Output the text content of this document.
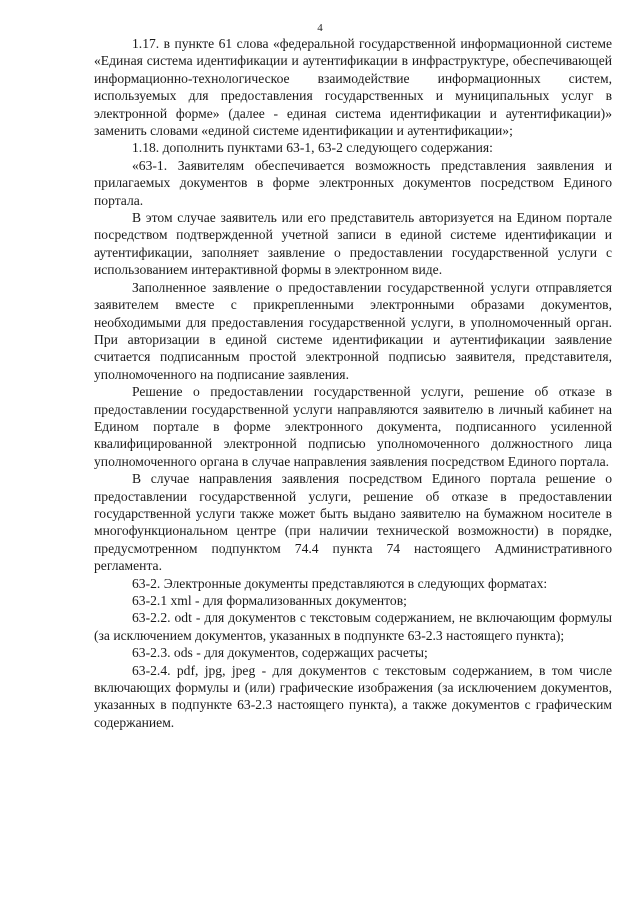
4

1.17. в пункте 61 слова «федеральной государственной информационной системе «Единая система идентификации и аутентификации в инфраструктуре, обеспечивающей информационно-технологическое взаимодействие информационных систем, используемых для предоставления государственных и муниципальных услуг в электронной форме» (далее - единая система идентификации и аутентификации)» заменить словами «единой системе идентификации и аутентификации»;

1.18. дополнить пунктами 63-1, 63-2 следующего содержания:

«63-1. Заявителям обеспечивается возможность представления заявления и прилагаемых документов в форме электронных документов посредством Единого портала.

В этом случае заявитель или его представитель авторизуется на Едином портале посредством подтвержденной учетной записи в единой системе идентификации и аутентификации, заполняет заявление о предоставлении государственной услуги с использованием интерактивной формы в электронном виде.

Заполненное заявление о предоставлении государственной услуги отправляется заявителем вместе с прикрепленными электронными образами документов, необходимыми для предоставления государственной услуги, в уполномоченный орган. При авторизации в единой системе идентификации и аутентификации заявление считается подписанным простой электронной подписью заявителя, представителя, уполномоченного на подписание заявления.

Решение о предоставлении государственной услуги, решение об отказе в предоставлении государственной услуги направляются заявителю в личный кабинет на Едином портале в форме электронного документа, подписанного усиленной квалифицированной электронной подписью уполномоченного должностного лица уполномоченного органа в случае направления заявления посредством Единого портала.

В случае направления заявления посредством Единого портала решение о предоставлении государственной услуги, решение об отказе в предоставлении государственной услуги также может быть выдано заявителю на бумажном носителе в многофункциональном центре (при наличии технической возможности) в порядке, предусмотренном подпунктом 74.4 пункта 74 настоящего Административного регламента.

63-2. Электронные документы представляются в следующих форматах:

63-2.1 xml - для формализованных документов;

63-2.2. odt - для документов с текстовым содержанием, не включающим формулы (за исключением документов, указанных в подпункте 63-2.3 настоящего пункта);

63-2.3. ods - для документов, содержащих расчеты;

63-2.4. pdf, jpg, jpeg - для документов с текстовым содержанием, в том числе включающих формулы и (или) графические изображения (за исключением документов, указанных в подпункте 63-2.3 настоящего пункта), а также документов с графическим содержанием.
